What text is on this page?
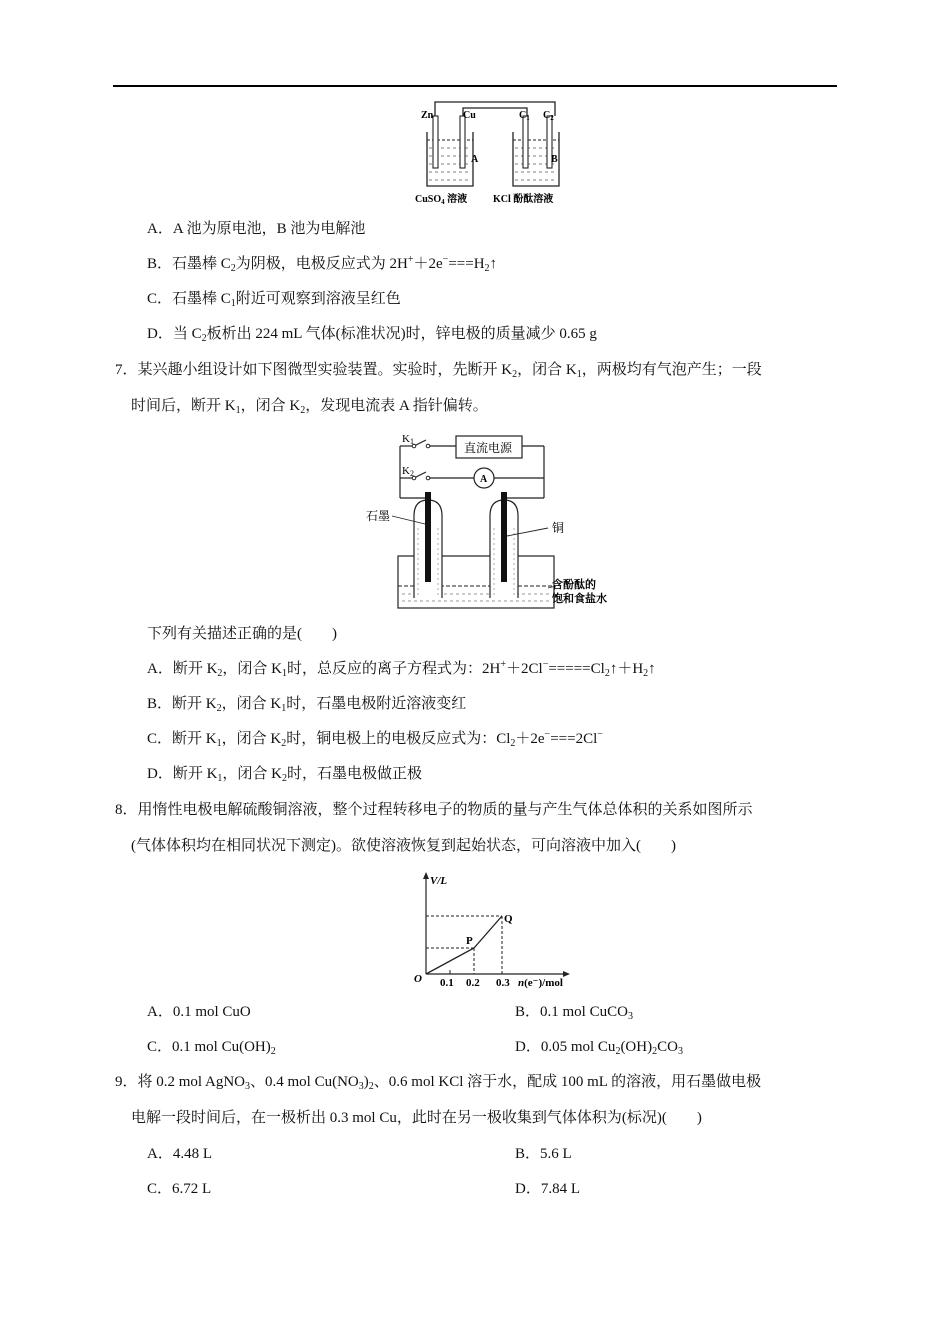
Zn	Cu	$C_1$ $C_2$
A	B
CuSO$_4$ 溶液	KCl 酚酞溶液
A．A 池为原电池，B 池为电解池
B．石墨棒 $C_2$为阴极，电极反应式为 $2H^++2e^-===H_2↑$
C．石墨棒 $C_1$附近可观察到溶液呈红色
D．当 $C_2$板析出 224 mL 气体(标准状况)时，锌电极的质量减少 0.65 g
7．某兴趣小组设计如下图微型实验装置。实验时，先断开 $K_2$，闭合 $K_1$，两极均有气泡产生；一段
时间后，断开 $K_1$，闭合 $K_2$，发现电流表 A 指针偏转。
K1
K2
直流电源
A
石墨
铜
含酚酞的
饱和食盐水
下列有关描述正确的是(　　)
A．断开 $K_2$，闭合 $K_1$时，总反应的离子方程式为：$2H^++2Cl^-=====Cl_2↑+H_2↑$
B．断开 $K_2$，闭合 $K_1$时，石墨电极附近溶液变红
C．断开 $K_1$，闭合 $K_2$时，铜电极上的电极反应式为：$Cl_2+2e^-===2Cl^-$
D．断开 $K_1$，闭合 $K_2$时，石墨电极做正极
8．用惰性电极电解硫酸铜溶液，整个过程转移电子的物质的量与产生气体总体积的关系如图所示
(气体体积均在相同状况下测定)。欲使溶液恢复到起始状态，可向溶液中加入(　　)
V/L
O 0.1 0.2 0.3 n(e⁻)/mol
P
Q
A．0.1 mol CuO	B．0.1 mol CuCO$_3$
C．0.1 mol $Cu(OH)_2$	D．0.05 mol $Cu_2(OH)_2CO_3$
9．将 0.2 mol AgNO$_3$、0.4 mol $Cu(NO_3)_2$、0.6 mol KCl 溶于水，配成 100 mL 的溶液，用石墨做电极
电解一段时间后，在一极析出 0.3 mol Cu，此时在另一极收集到气体体积为(标况)(　　)
A．4.48 L	B．5.6 L
C．6.72 L	D．7.84 L
